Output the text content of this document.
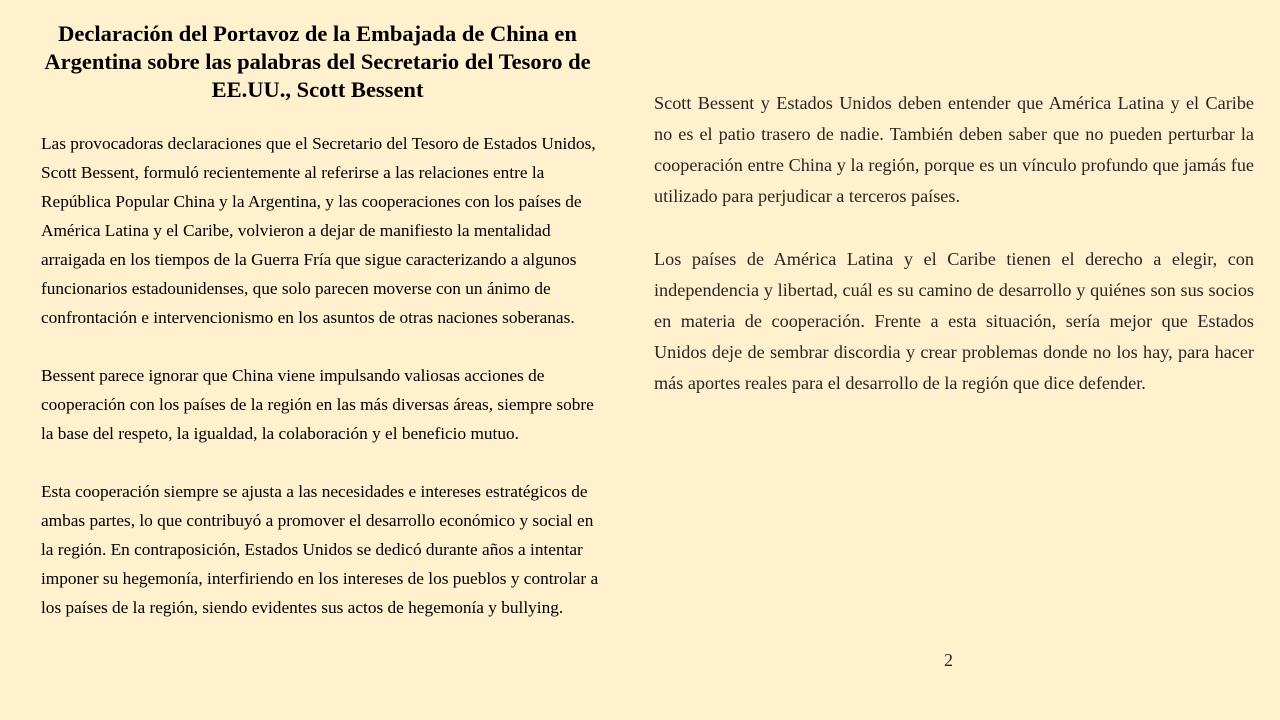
Declaración del Portavoz de la Embajada de China en Argentina sobre las palabras del Secretario del Tesoro de EE.UU., Scott Bessent

Las provocadoras declaraciones que el Secretario del Tesoro de Estados Unidos, Scott Bessent, formuló recientemente al referirse a las relaciones entre la República Popular China y la Argentina, y las cooperaciones con los países de América Latina y el Caribe, volvieron a dejar de manifiesto la mentalidad arraigada en los tiempos de la Guerra Fría que sigue caracterizando a algunos funcionarios estadounidenses, que solo parecen moverse con un ánimo de confrontación e intervencionismo en los asuntos de otras naciones soberanas.

Bessent parece ignorar que China viene impulsando valiosas acciones de cooperación con los países de la región en las más diversas áreas, siempre sobre la base del respeto, la igualdad, la colaboración y el beneficio mutuo.

Esta cooperación siempre se ajusta a las necesidades e intereses estratégicos de ambas partes, lo que contribuyó a promover el desarrollo económico y social en la región. En contraposición, Estados Unidos se dedicó durante años a intentar imponer su hegemonía, interfiriendo en los intereses de los pueblos y controlar a los países de la región, siendo evidentes sus actos de hegemonía y bullying.

Scott Bessent y Estados Unidos deben entender que América Latina y el Caribe no es el patio trasero de nadie. También deben saber que no pueden perturbar la cooperación entre China y la región, porque es un vínculo profundo que jamás fue utilizado para perjudicar a terceros países.

Los países de América Latina y el Caribe tienen el derecho a elegir, con independencia y libertad, cuál es su camino de desarrollo y quiénes son sus socios en materia de cooperación. Frente a esta situación, sería mejor que Estados Unidos deje de sembrar discordia y crear problemas donde no los hay, para hacer más aportes reales para el desarrollo de la región que dice defender.

2
